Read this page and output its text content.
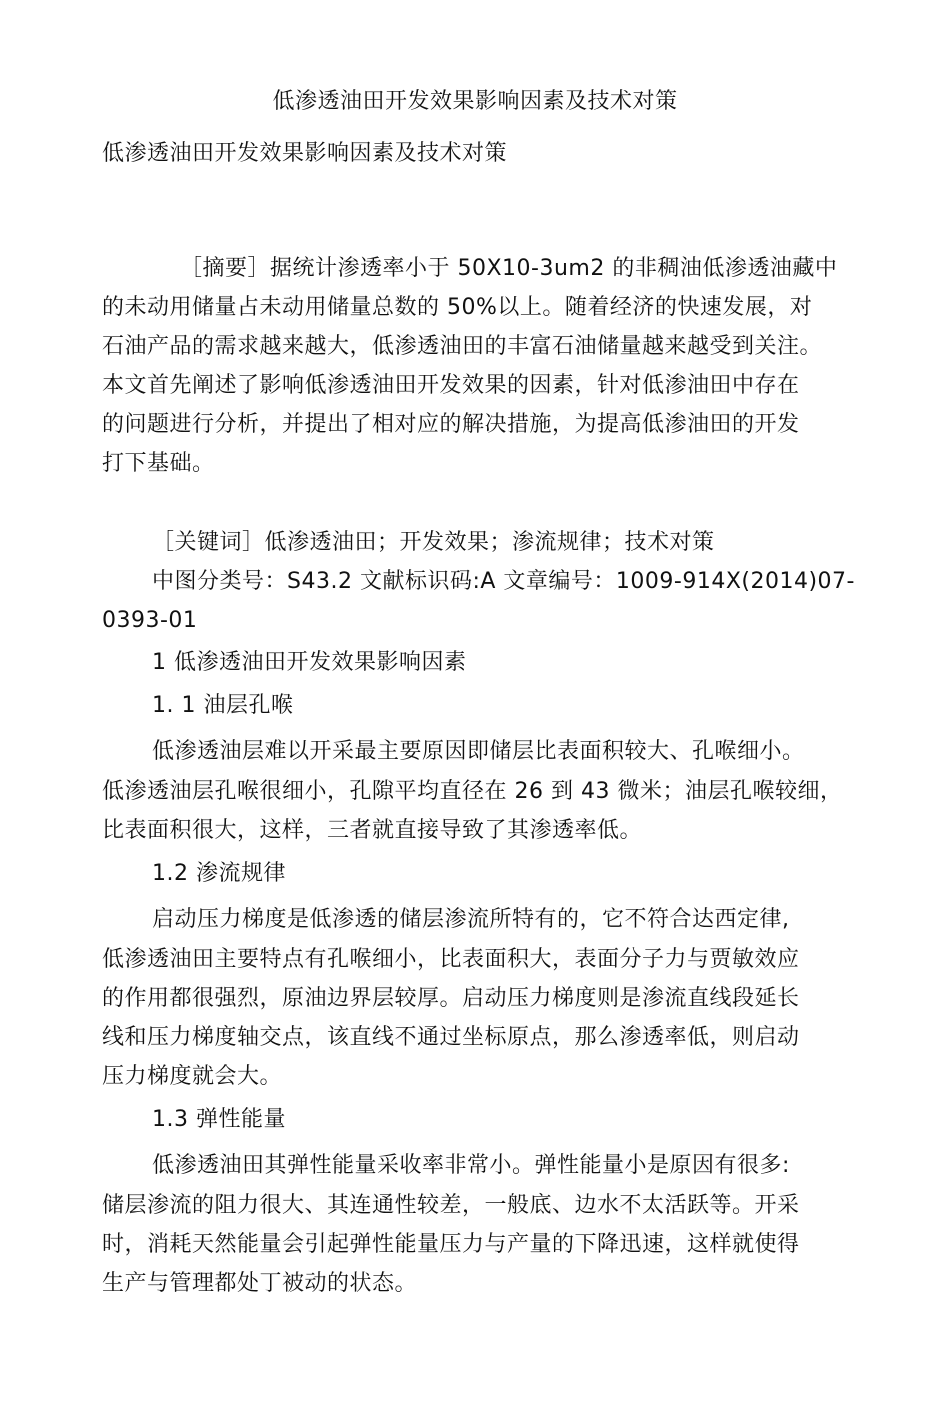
低渗透油田开发效果影响因素及技术对策
低渗透油田开发效果影响因素及技术对策
［摘要］据统计渗透率小于 50X10-3um2 的非稠油低渗透油藏中
的未动用储量占未动用储量总数的 50%以上。随着经济的快速发展，对
石油产品的需求越来越大，低渗透油田的丰富石油储量越来越受到关注。
本文首先阐述了影响低渗透油田开发效果的因素，针对低渗油田中存在
的问题进行分析，并提出了相对应的解决措施，为提高低渗油田的开发
打下基础。
［关键词］低渗透油田；开发效果；渗流规律；技术对策
中图分类号：S43.2 文献标识码:A 文章编号：1009-914X(2014)07-
0393-01
1 低渗透油田开发效果影响因素
1. 1 油层孔喉
低渗透油层难以开采最主要原因即储层比表面积较大、孔喉细小。
低渗透油层孔喉很细小，孔隙平均直径在 26 到 43 微米；油层孔喉较细，
比表面积很大，这样，三者就直接导致了其渗透率低。
1.2 渗流规律
启动压力梯度是低渗透的储层渗流所特有的，它不符合达西定律,
低渗透油田主要特点有孔喉细小，比表面积大，表面分子力与贾敏效应
的作用都很强烈，原油边界层较厚。启动压力梯度则是渗流直线段延长
线和压力梯度轴交点，该直线不通过坐标原点，那么渗透率低，则启动
压力梯度就会大。
1.3 弹性能量
低渗透油田其弹性能量采收率非常小。弹性能量小是原因有很多:
储层渗流的阻力很大、其连通性较差，一般底、边水不太活跃等。开采
时，消耗天然能量会引起弹性能量压力与产量的下降迅速，这样就使得
生产与管理都处丁被动的状态。
